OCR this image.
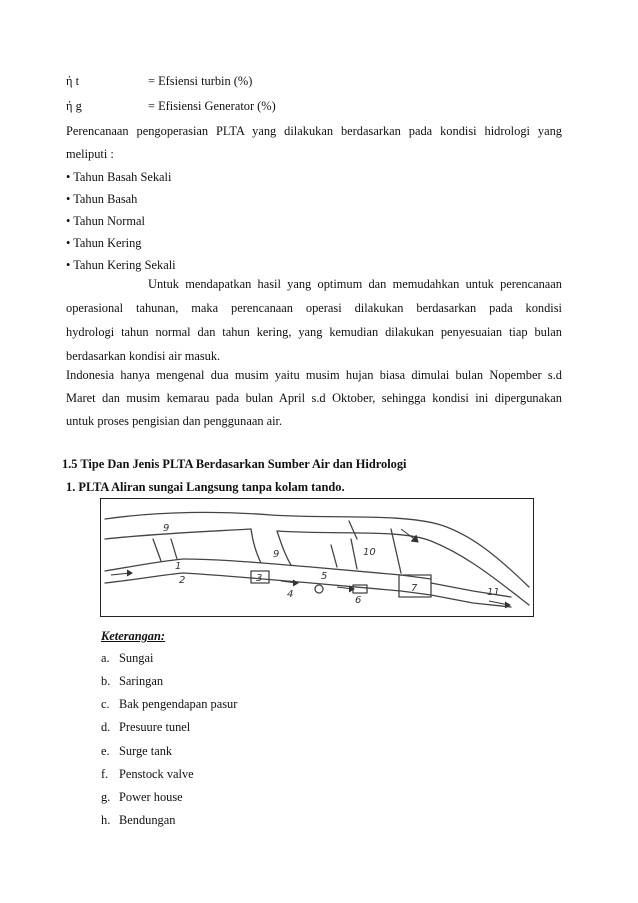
ή t	= Efsiensi turbin (%)
ή g	= Efisiensi Generator (%)
Perencanaan pengoperasian PLTA yang dilakukan berdasarkan pada kondisi hidrologi yang
meliputi :
• Tahun Basah Sekali
• Tahun Basah
• Tahun Normal
• Tahun Kering
• Tahun Kering Sekali
Untuk mendapatkan hasil yang optimum dan memudahkan untuk perencanaan
operasional tahunan, maka perencanaan operasi dilakukan berdasarkan pada kondisi
hydrologi tahun normal dan tahun kering, yang kemudian dilakukan penyesuaian tiap bulan
berdasarkan kondisi air masuk.
Indonesia hanya mengenal dua musim yaitu musim hujan biasa dimulai bulan Nopember s.d
Maret dan musim kemarau pada bulan April s.d Oktober, sehingga kondisi ini dipergunakan
untuk proses pengisian dan penggunaan air.
1.5 Tipe Dan Jenis PLTA Berdasarkan Sumber Air dan Hidrologi
1. PLTA Aliran sungai Langsung tanpa kolam tando.
9
1
2	3
4
5
6
7
9	10
11
Keterangan:
a. Sungai
b. Saringan
c. Bak pengendapan pasur
d. Presuure tunel
e. Surge tank
f. Penstock valve
g. Power house
h. Bendungan
